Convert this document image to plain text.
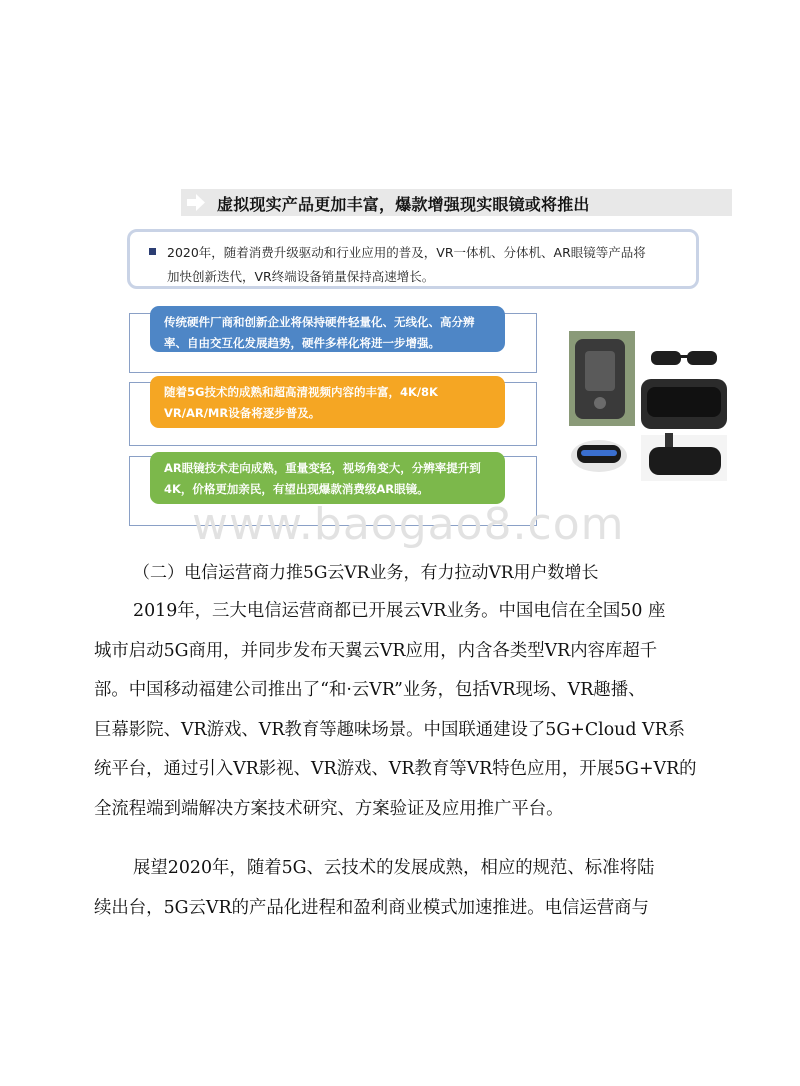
虚拟现实产品更加丰富，爆款增强现实眼镜或将推出
2020年，随着消费升级驱动和行业应用的普及，VR一体机、分体机、AR眼镜等产品将
加快创新迭代，VR终端设备销量保持高速增长。
传统硬件厂商和创新企业将保持硬件轻量化、无线化、高分辨
率、自由交互化发展趋势，硬件多样化将进一步增强。
随着5G技术的成熟和超高清视频内容的丰富，4K/8K
VR/AR/MR设备将逐步普及。
AR眼镜技术走向成熟，重量变轻，视场角变大，分辨率提升到
4K，价格更加亲民，有望出现爆款消费级AR眼镜。
www.baogao8.com
（二）电信运营商力推5G云VR业务，有力拉动VR用户数增长
2019年，三大电信运营商都已开展云VR业务。中国电信在全国50 座
城市启动5G商用，并同步发布天翼云VR应用，内含各类型VR内容库超千
部。中国移动福建公司推出了“和·云VR”业务，包括VR现场、VR趣播、
巨幕影院、VR游戏、VR教育等趣味场景。中国联通建设了5G+Cloud VR系
统平台，通过引入VR影视、VR游戏、VR教育等VR特色应用，开展5G+VR的
全流程端到端解决方案技术研究、方案验证及应用推广平台。
展望2020年，随着5G、云技术的发展成熟，相应的规范、标准将陆
续出台，5G云VR的产品化进程和盈利商业模式加速推进。电信运营商与
